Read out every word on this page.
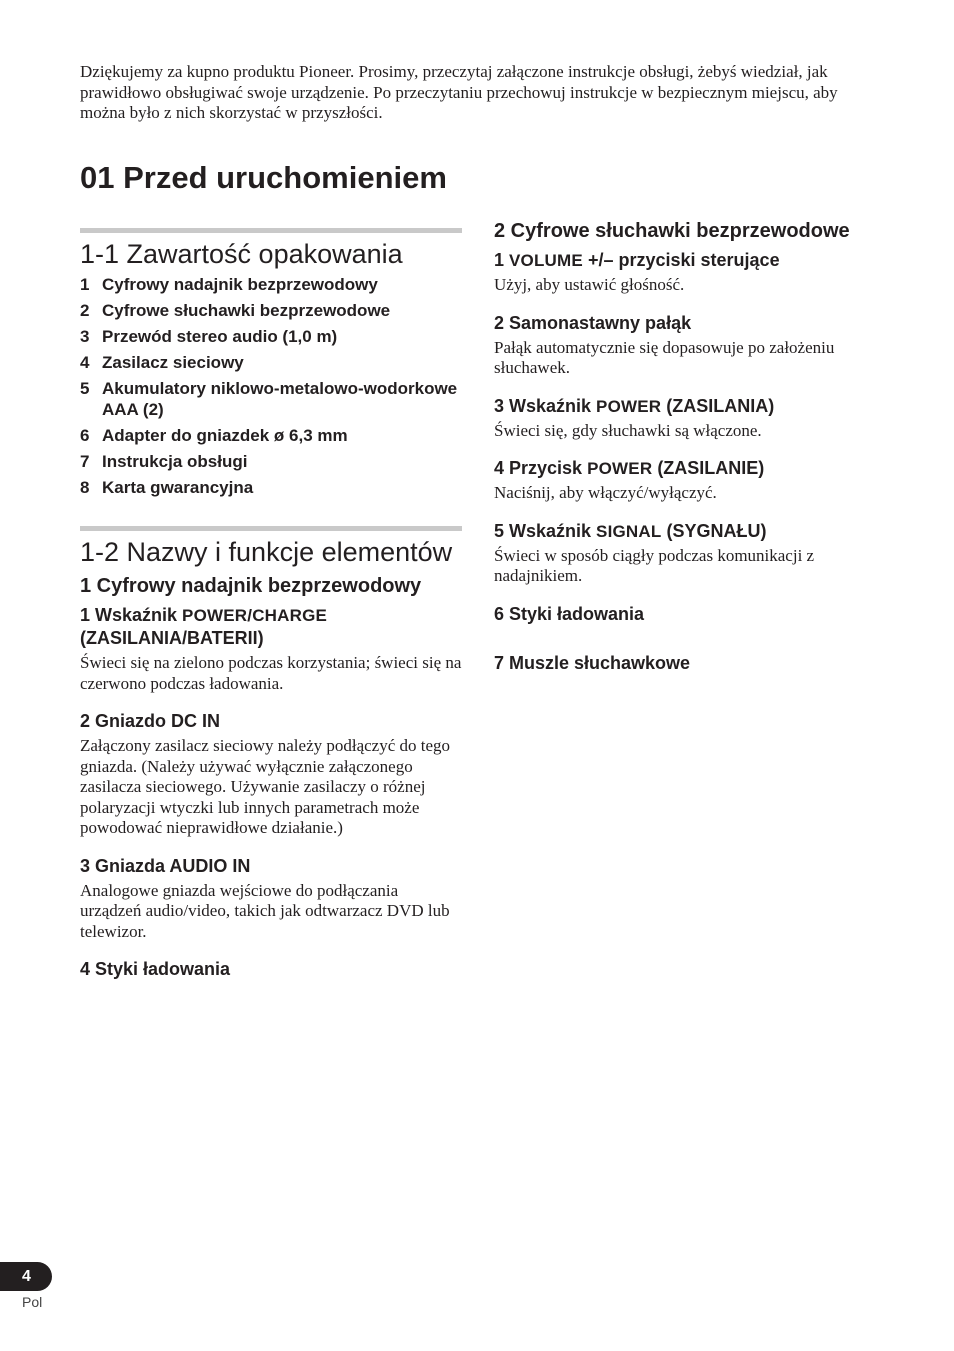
Dziękujemy za kupno produktu Pioneer. Prosimy, przeczytaj załączone instrukcje obsługi, żebyś wiedział, jak prawidłowo obsługiwać swoje urządzenie. Po przeczytaniu przechowuj instrukcje w bezpiecznym miejscu, aby można było z nich skorzystać w przyszłości.

01 Przed uruchomieniem
1-1 Zawartość opakowania
1 Cyfrowy nadajnik bezprzewodowy
2 Cyfrowe słuchawki bezprzewodowe
3 Przewód stereo audio (1,0 m)
4 Zasilacz sieciowy
5 Akumulatory niklowo-metalowo-wodorkowe AAA (2)
6 Adapter do gniazdek ø 6,3 mm
7 Instrukcja obsługi
8 Karta gwarancyjna
1-2 Nazwy i funkcje elementów
1 Cyfrowy nadajnik bezprzewodowy
1 Wskaźnik POWER/CHARGE (ZASILANIA/BATERII)

Świeci się na zielono podczas korzystania; świeci się na czerwono podczas ładowania.

2 Gniazdo DC IN

Załączony zasilacz sieciowy należy podłączyć do tego gniazda. (Należy używać wyłącznie załączonego zasilacza sieciowego. Używanie zasilaczy o różnej polaryzacji wtyczki lub innych parametrach może powodować nieprawidłowe działanie.)

3 Gniazda AUDIO IN

Analogowe gniazda wejściowe do podłączania urządzeń audio/video, takich jak odtwarzacz DVD lub telewizor.

4 Styki ładowania
2 Cyfrowe słuchawki bezprzewodowe
1 VOLUME +/– przyciski sterujące

Użyj, aby ustawić głośność.

2 Samonastawny pałąk

Pałąk automatycznie się dopasowuje po założeniu słuchawek.

3 Wskaźnik POWER (ZASILANIA)

Świeci się, gdy słuchawki są włączone.

4 Przycisk POWER (ZASILANIE)

Naciśnij, aby włączyć/wyłączyć.

5 Wskaźnik SIGNAL (SYGNAŁU)

Świeci w sposób ciągły podczas komunikacji z nadajnikiem.

6 Styki ładowania
7 Muszle słuchawkowe
4
Pol
